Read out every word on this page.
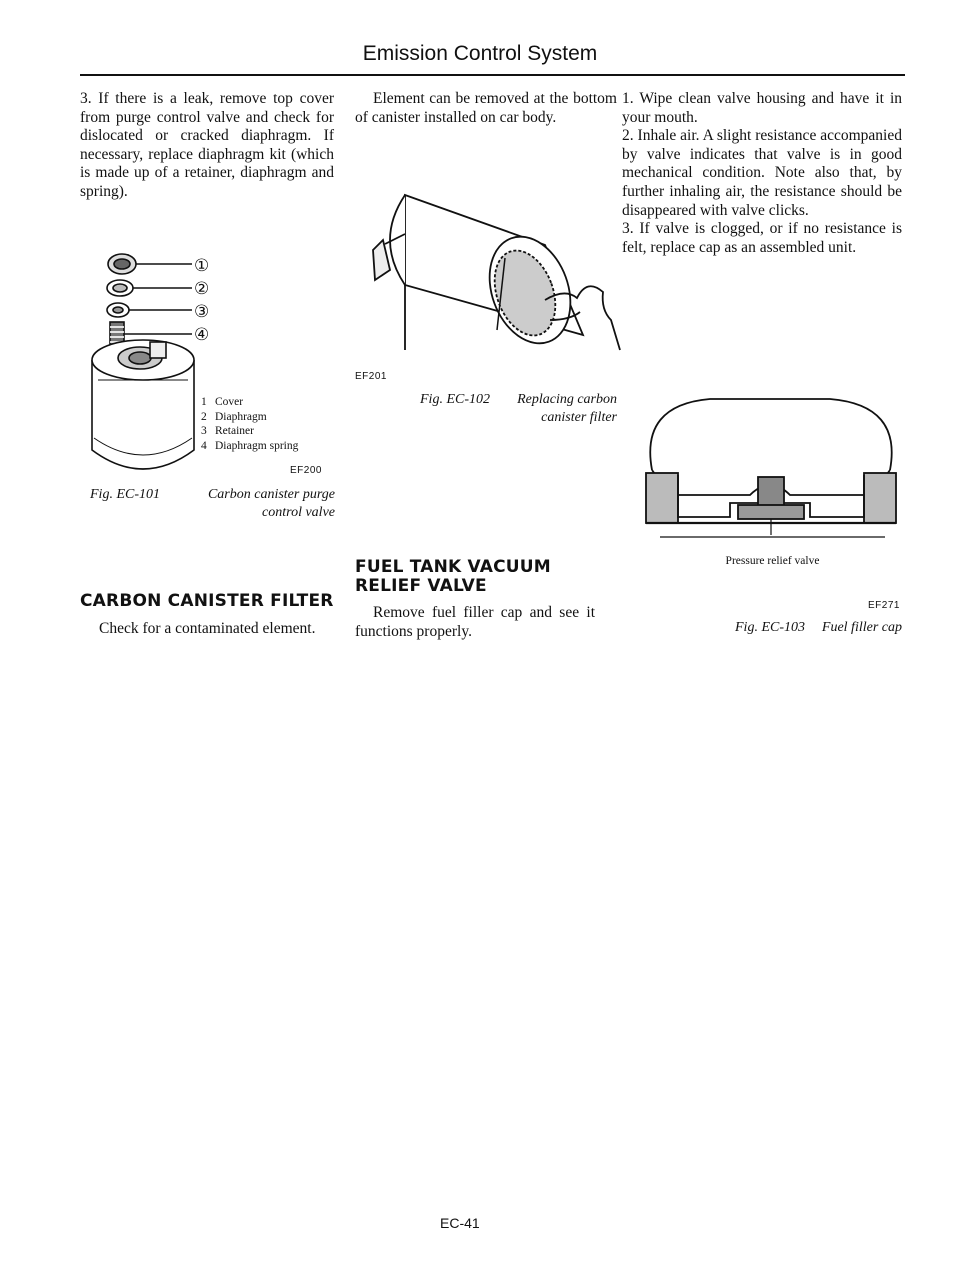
Emission Control System
3. If there is a leak, remove top cover from purge control valve and check for dislocated or cracked diaphragm. If necessary, replace diaphragm kit (which is made up of a retainer, diaphragm and spring).
①
②
③
④
1 Cover
2 Diaphragm
3 Retainer
4 Diaphragm spring
EF200
Fig. EC-101	Carbon canister purge
control valve
CARBON CANISTER FILTER
Check for a contaminated element.
Element can be removed at the bottom of canister installed on car body.
EF201
Fig. EC-102	Replacing carbon
canister filter
FUEL TANK VACUUM
RELIEF VALVE
Remove fuel filler cap and see it functions properly.

1. Wipe clean valve housing and have it in your mouth.

2. Inhale air. A slight resistance accompanied by valve indicates that valve is in good mechanical condition. Note also that, by further inhaling air, the resistance should be disappeared with valve clicks.

3. If valve is clogged, or if no resistance is felt, replace cap as an assembled unit.

Pressure relief valve
EF271
Fig. EC-103	Fuel filler cap
EC-41
